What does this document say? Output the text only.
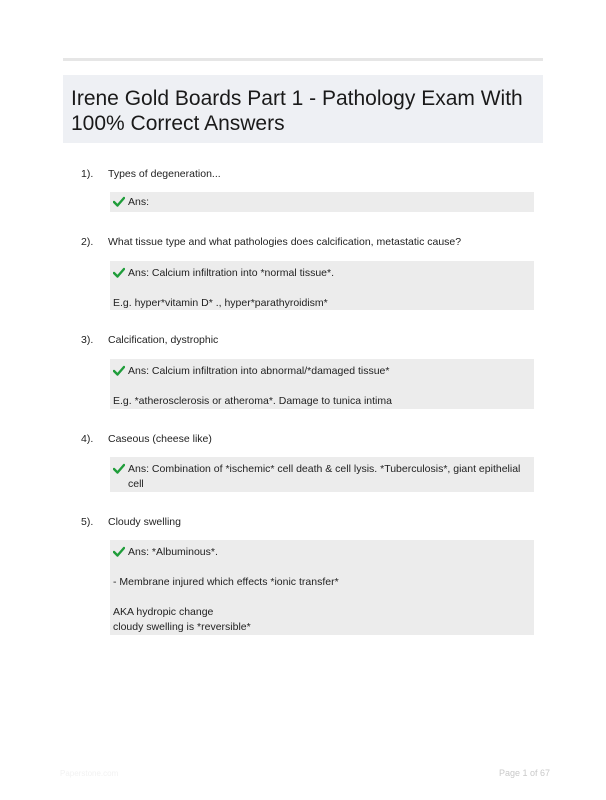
Irene Gold Boards Part 1 - Pathology Exam With 100% Correct Answers
1). Types of degeneration...
Ans:
2). What tissue type and what pathologies does calcification, metastatic cause?
Ans: Calcium infiltration into *normal tissue*.
E.g. hyper*vitamin D* ., hyper*parathyroidism*
3). Calcification, dystrophic
Ans: Calcium infiltration into abnormal/*damaged tissue*
E.g. *atherosclerosis or atheroma*. Damage to tunica intima
4). Caseous (cheese like)
Ans: Combination of *ischemic* cell death & cell lysis. *Tuberculosis*, giant epithelial cell
5). Cloudy swelling
Ans: *Albuminous*.
- Membrane injured which effects *ionic transfer*

AKA hydropic change
cloudy swelling is *reversible*
Paperstone.com	Page 1 of 67
